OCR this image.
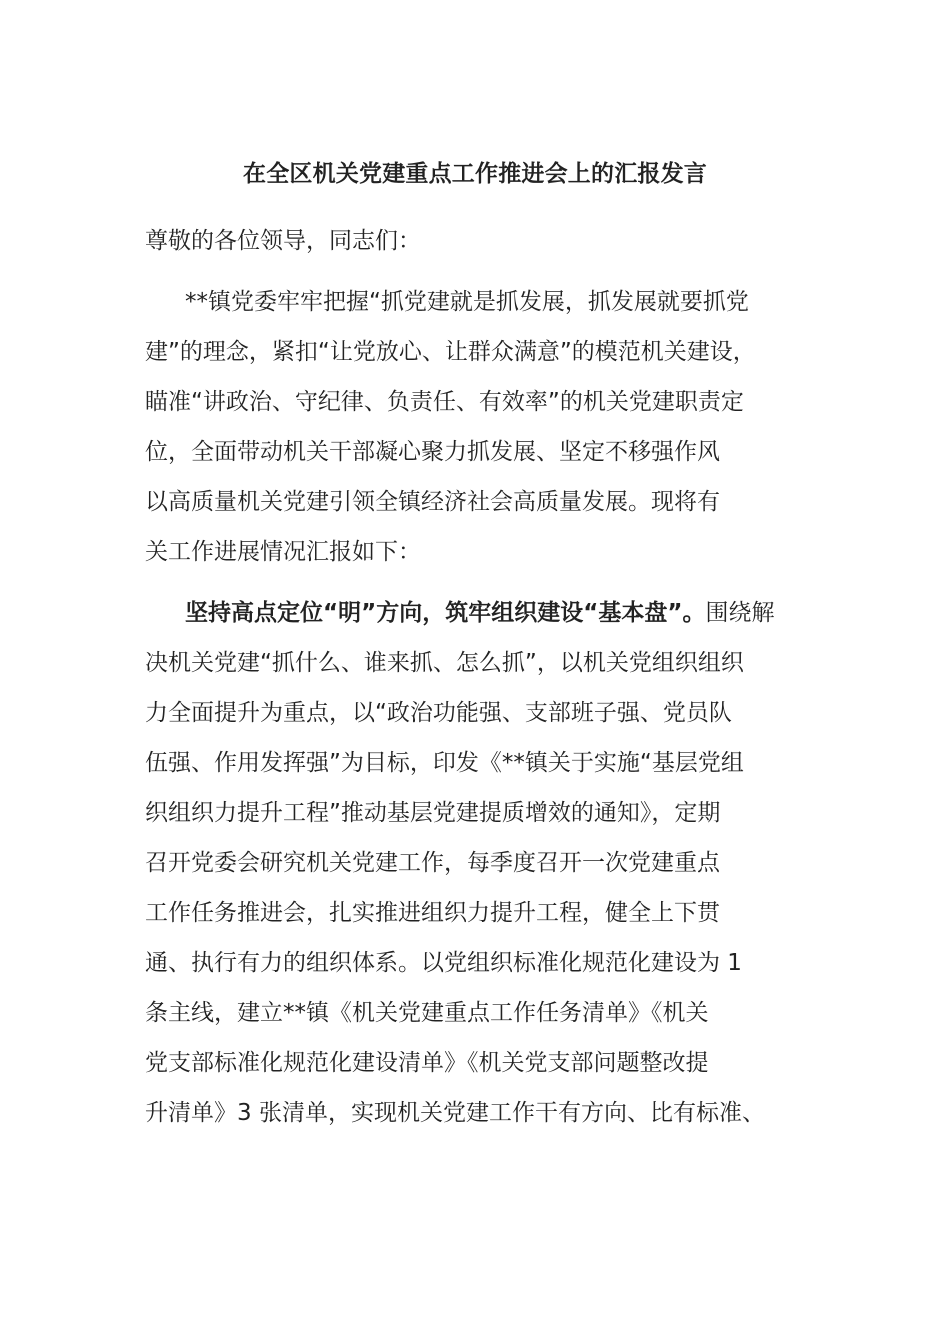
在全区机关党建重点工作推进会上的汇报发言
尊敬的各位领导，同志们：
**镇党委牢牢把握“抓党建就是抓发展，抓发展就要抓党
建”的理念，紧扣“让党放心、让群众满意”的模范机关建设，
瞄准“讲政治、守纪律、负责任、有效率”的机关党建职责定
位，全面带动机关干部凝心聚力抓发展、坚定不移强作风
以高质量机关党建引领全镇经济社会高质量发展。现将有
关工作进展情况汇报如下：
坚持高点定位“明”方向，筑牢组织建设“基本盘”。围绕解
决机关党建“抓什么、谁来抓、怎么抓”，以机关党组织组织
力全面提升为重点，以“政治功能强、支部班子强、党员队
伍强、作用发挥强”为目标，印发《**镇关于实施“基层党组
织组织力提升工程”推动基层党建提质增效的通知》，定期
召开党委会研究机关党建工作，每季度召开一次党建重点
工作任务推进会，扎实推进组织力提升工程，健全上下贯
通、执行有力的组织体系。以党组织标准化规范化建设为 1
条主线，建立**镇《机关党建重点工作任务清单》《机关
党支部标准化规范化建设清单》《机关党支部问题整改提
升清单》3 张清单，实现机关党建工作干有方向、比有标准、
